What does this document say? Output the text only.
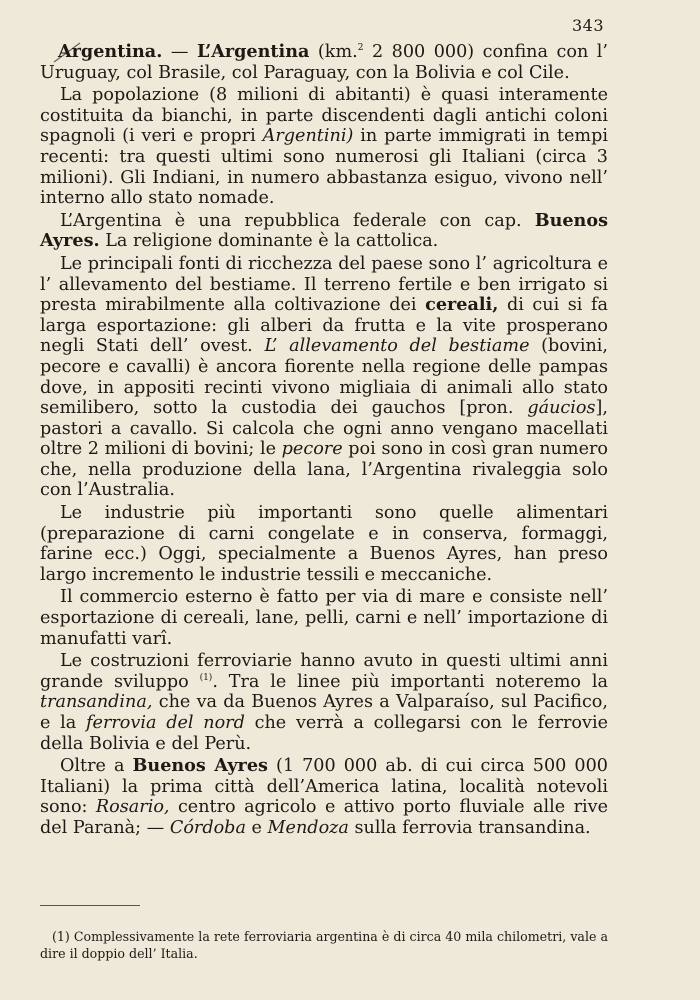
343

Argentina. — L’Argentina (km.$^2$ 2 800 000) confina con l’ Uruguay, col Brasile, col Paraguay, con la Bolivia e col Cile.

La popolazione (8 milioni di abitanti) è quasi interamente costituita da bianchi, in parte discendenti dagli antichi coloni spagnoli (i veri e propri Argentini) in parte immigrati in tempi recenti: tra questi ultimi sono numerosi gli Italiani (circa 3 milioni). Gli Indiani, in numero abbastanza esiguo, vivono nell’ interno allo stato nomade.

L’Argentina è una repubblica federale con cap. Buenos Ayres. La religione dominante è la cattolica.

Le principali fonti di ricchezza del paese sono l’ agricoltura e l’ allevamento del bestiame. Il terreno fertile e ben irrigato si presta mirabilmente alla coltivazione dei cereali, di cui si fa larga esportazione: gli alberi da frutta e la vite prosperano negli Stati dell’ ovest. L’ allevamento del bestiame (bovini, pecore e cavalli) è ancora fiorente nella regione delle pampas dove, in appositi recinti vivono migliaia di animali allo stato semilibero, sotto la custodia dei gauchos [pron. gáucios], pastori a cavallo. Si calcola che ogni anno vengano macellati oltre 2 milioni di bovini; le pecore poi sono in così gran numero che, nella produzione della lana, l’Argentina rivaleggia solo con l’Australia.

Le industrie più importanti sono quelle alimentari (preparazione di carni congelate e in conserva, formaggi, farine ecc.) Oggi, specialmente a Buenos Ayres, han preso largo incremento le industrie tessili e meccaniche.

Il commercio esterno è fatto per via di mare e consiste nell’ esportazione di cereali, lane, pelli, carni e nell’ importazione di manufatti varî.

Le costruzioni ferroviarie hanno avuto in questi ultimi anni grande sviluppo $^{(1)}$. Tra le linee più importanti noteremo la transandina, che va da Buenos Ayres a Valparaíso, sul Pacifico, e la ferrovia del nord che verrà a collegarsi con le ferrovie della Bolivia e del Perù.

Oltre a Buenos Ayres (1 700 000 ab. di cui circa 500 000 Italiani) la prima città dell’America latina, località notevoli sono: Rosario, centro agricolo e attivo porto fluviale alle rive del Paranà; — Córdoba e Mendoza sulla ferrovia transandina.

(1) Complessivamente la rete ferroviaria argentina è di circa 40 mila chilometri, vale a dire il doppio dell’ Italia.
